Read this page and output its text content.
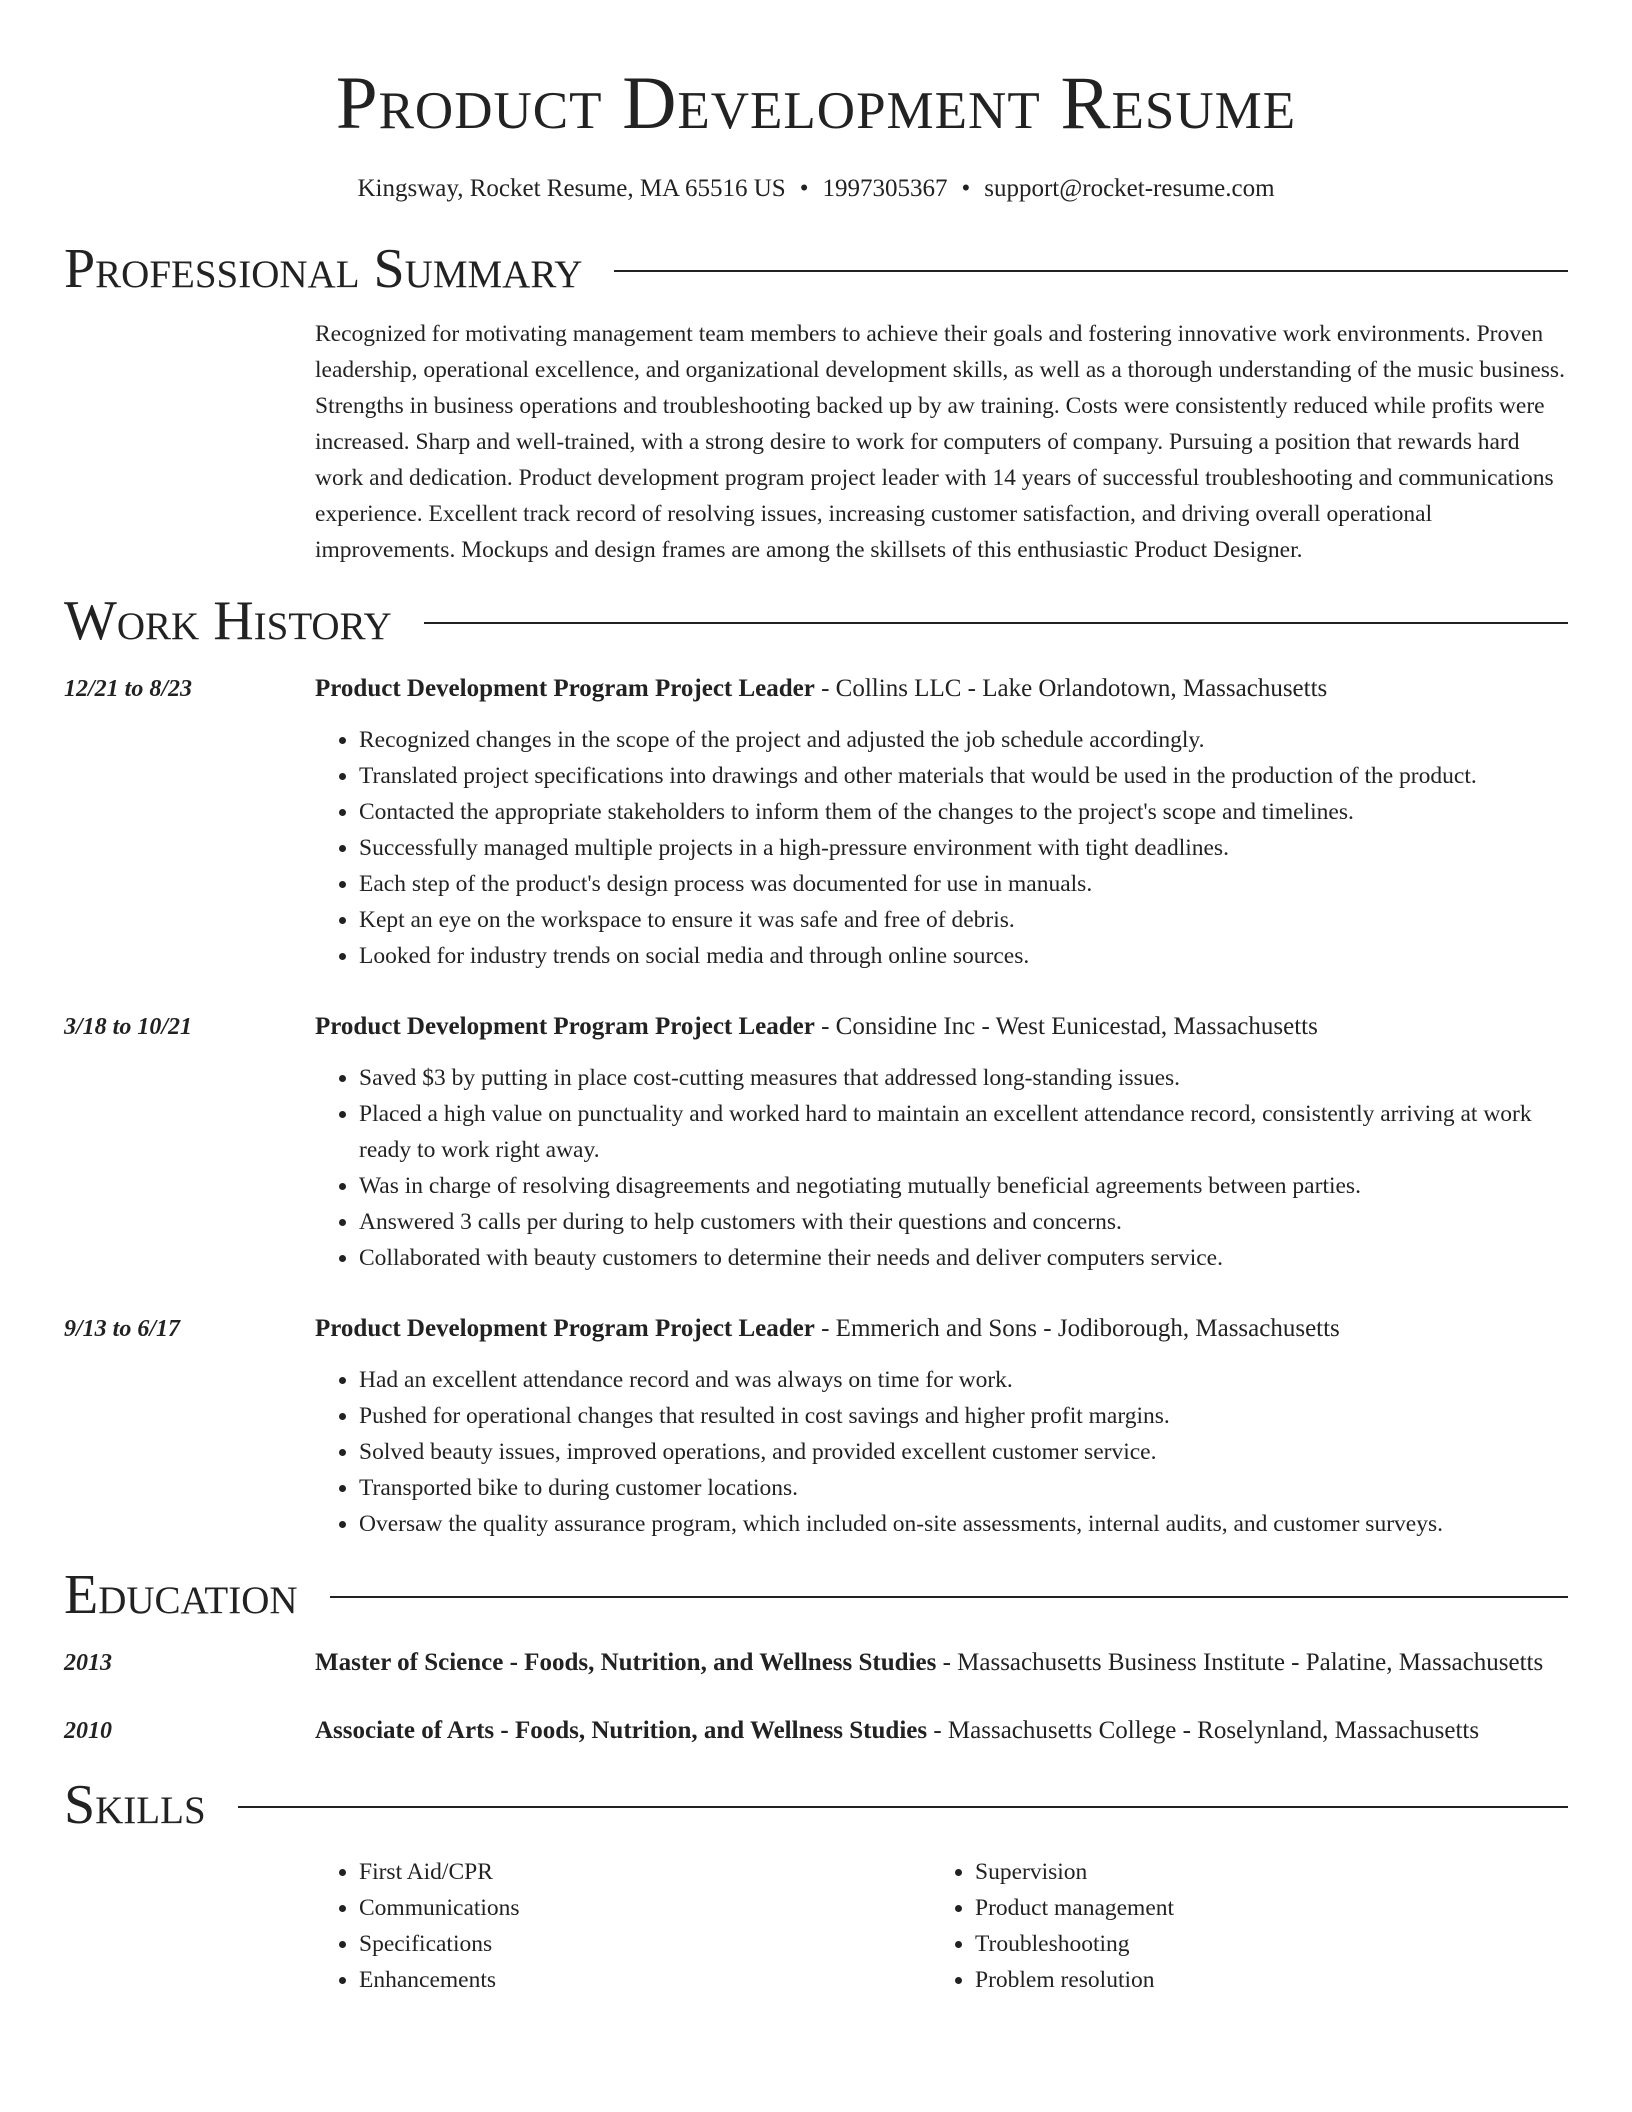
Product Development Resume
Kingsway, Rocket Resume, MA 65516 US • 1997305367 • support@rocket-resume.com
Professional Summary
Recognized for motivating management team members to achieve their goals and fostering innovative work environments. Proven leadership, operational excellence, and organizational development skills, as well as a thorough understanding of the music business. Strengths in business operations and troubleshooting backed up by aw training. Costs were consistently reduced while profits were increased. Sharp and well-trained, with a strong desire to work for computers of company. Pursuing a position that rewards hard work and dedication. Product development program project leader with 14 years of successful troubleshooting and communications experience. Excellent track record of resolving issues, increasing customer satisfaction, and driving overall operational improvements. Mockups and design frames are among the skillsets of this enthusiastic Product Designer.
Work History
12/21 to 8/23	Product Development Program Project Leader - Collins LLC - Lake Orlandotown, Massachusetts
• Recognized changes in the scope of the project and adjusted the job schedule accordingly.
• Translated project specifications into drawings and other materials that would be used in the production of the product.
• Contacted the appropriate stakeholders to inform them of the changes to the project's scope and timelines.
• Successfully managed multiple projects in a high-pressure environment with tight deadlines.
• Each step of the product's design process was documented for use in manuals.
• Kept an eye on the workspace to ensure it was safe and free of debris.
• Looked for industry trends on social media and through online sources.
3/18 to 10/21	Product Development Program Project Leader - Considine Inc - West Eunicestad, Massachusetts
• Saved $3 by putting in place cost-cutting measures that addressed long-standing issues.
• Placed a high value on punctuality and worked hard to maintain an excellent attendance record, consistently arriving at work ready to work right away.
• Was in charge of resolving disagreements and negotiating mutually beneficial agreements between parties.
• Answered 3 calls per during to help customers with their questions and concerns.
• Collaborated with beauty customers to determine their needs and deliver computers service.
9/13 to 6/17	Product Development Program Project Leader - Emmerich and Sons - Jodiborough, Massachusetts
• Had an excellent attendance record and was always on time for work.
• Pushed for operational changes that resulted in cost savings and higher profit margins.
• Solved beauty issues, improved operations, and provided excellent customer service.
• Transported bike to during customer locations.
• Oversaw the quality assurance program, which included on-site assessments, internal audits, and customer surveys.
Education
2013	Master of Science - Foods, Nutrition, and Wellness Studies - Massachusetts Business Institute - Palatine, Massachusetts
2010	Associate of Arts - Foods, Nutrition, and Wellness Studies - Massachusetts College - Roselynland, Massachusetts
Skills
• First Aid/CPR
• Communications
• Specifications
• Enhancements
• Supervision
• Product management
• Troubleshooting
• Problem resolution
